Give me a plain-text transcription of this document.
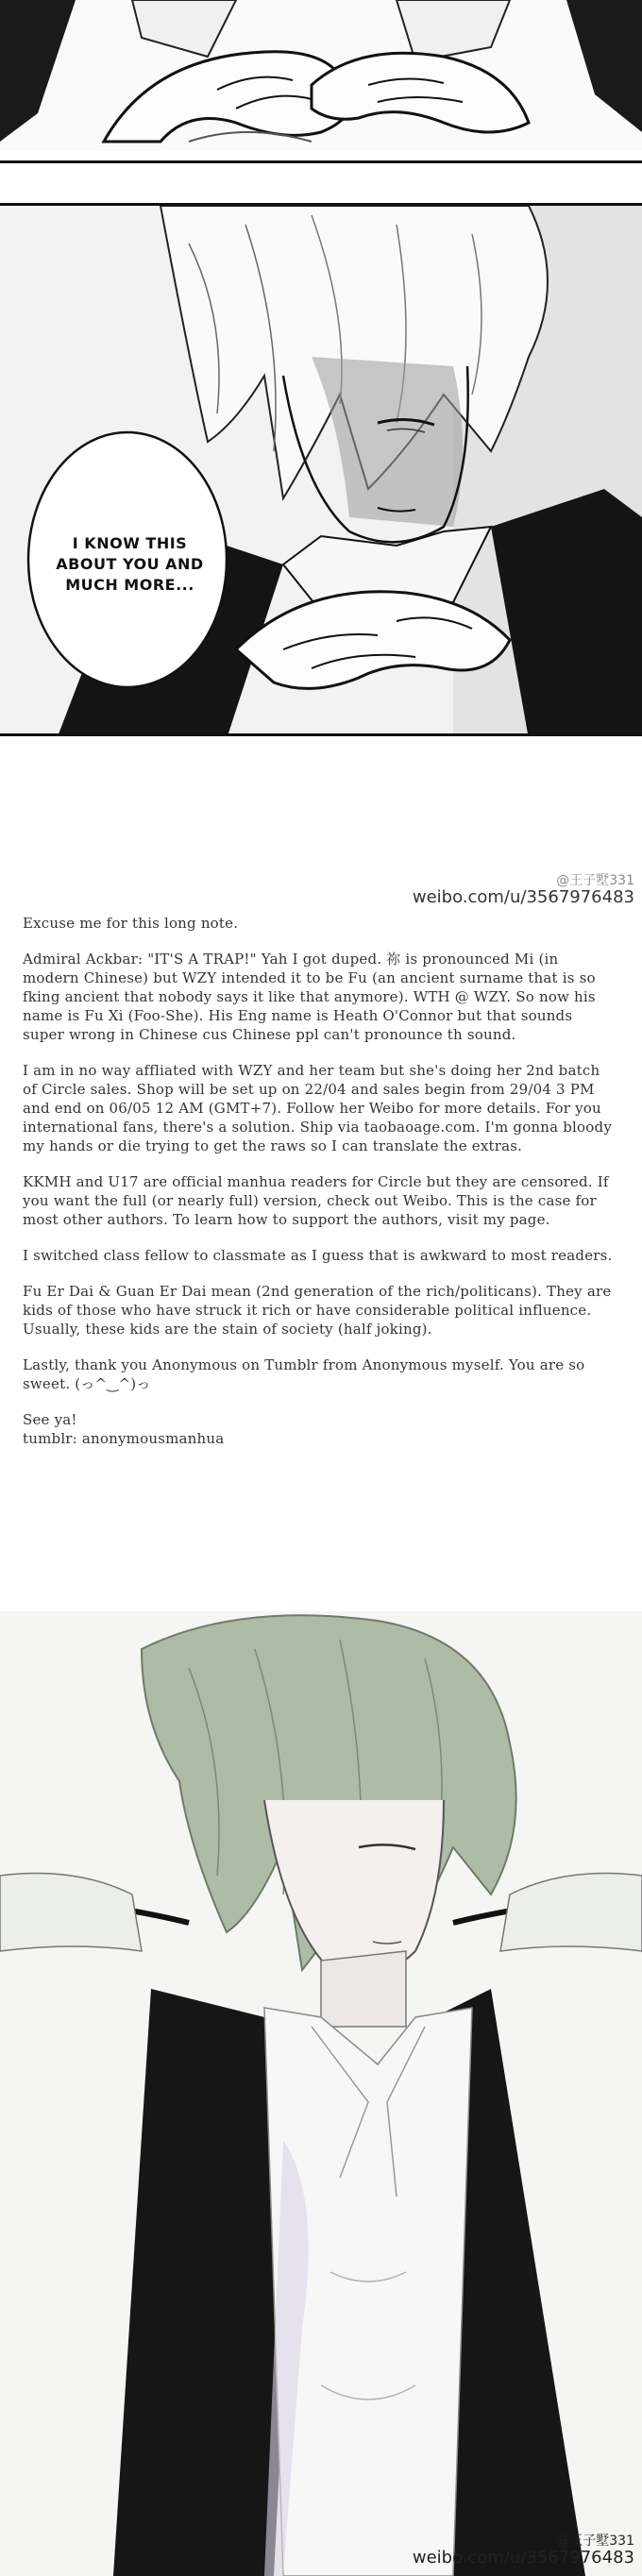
I KNOW THIS ABOUT YOU AND MUCH MORE...
@王子墅331
weibo.com/u/3567976483

Excuse me for this long note.

Admiral Ackbar: "IT'S A TRAP!" Yah I got duped. 祢 is pronounced Mi (in modern Chinese) but WZY intended it to be Fu (an ancient surname that is so fking ancient that nobody says it like that anymore). WTH @ WZY. So now his name is Fu Xi (Foo-She). His Eng name is Heath O'Connor but that sounds super wrong in Chinese cus Chinese ppl can't pronounce th sound.

I am in no way affliated with WZY and her team but she's doing her 2nd batch of Circle sales. Shop will be set up on 22/04 and sales begin from 29/04 3 PM and end on 06/05 12 AM (GMT+7). Follow her Weibo for more details. For you international fans, there's a solution. Ship via taobaoage.com. I'm gonna bloody my hands or die trying to get the raws so I can translate the extras.

KKMH and U17 are official manhua readers for Circle but they are censored. If you want the full (or nearly full) version, check out Weibo. This is the case for most other authors. To learn how to support the authors, visit my page.

I switched class fellow to classmate as I guess that is awkward to most readers.

Fu Er Dai & Guan Er Dai mean (2nd generation of the rich/politicans). They are kids of those who have struck it rich or have considerable political influence. Usually, these kids are the stain of society (half joking).

Lastly, thank you Anonymous on Tumblr from Anonymous myself. You are so sweet. (っ^‿^)っ

See ya!
tumblr: anonymousmanhua
@王子墅331
weibo.com/u/3567976483
